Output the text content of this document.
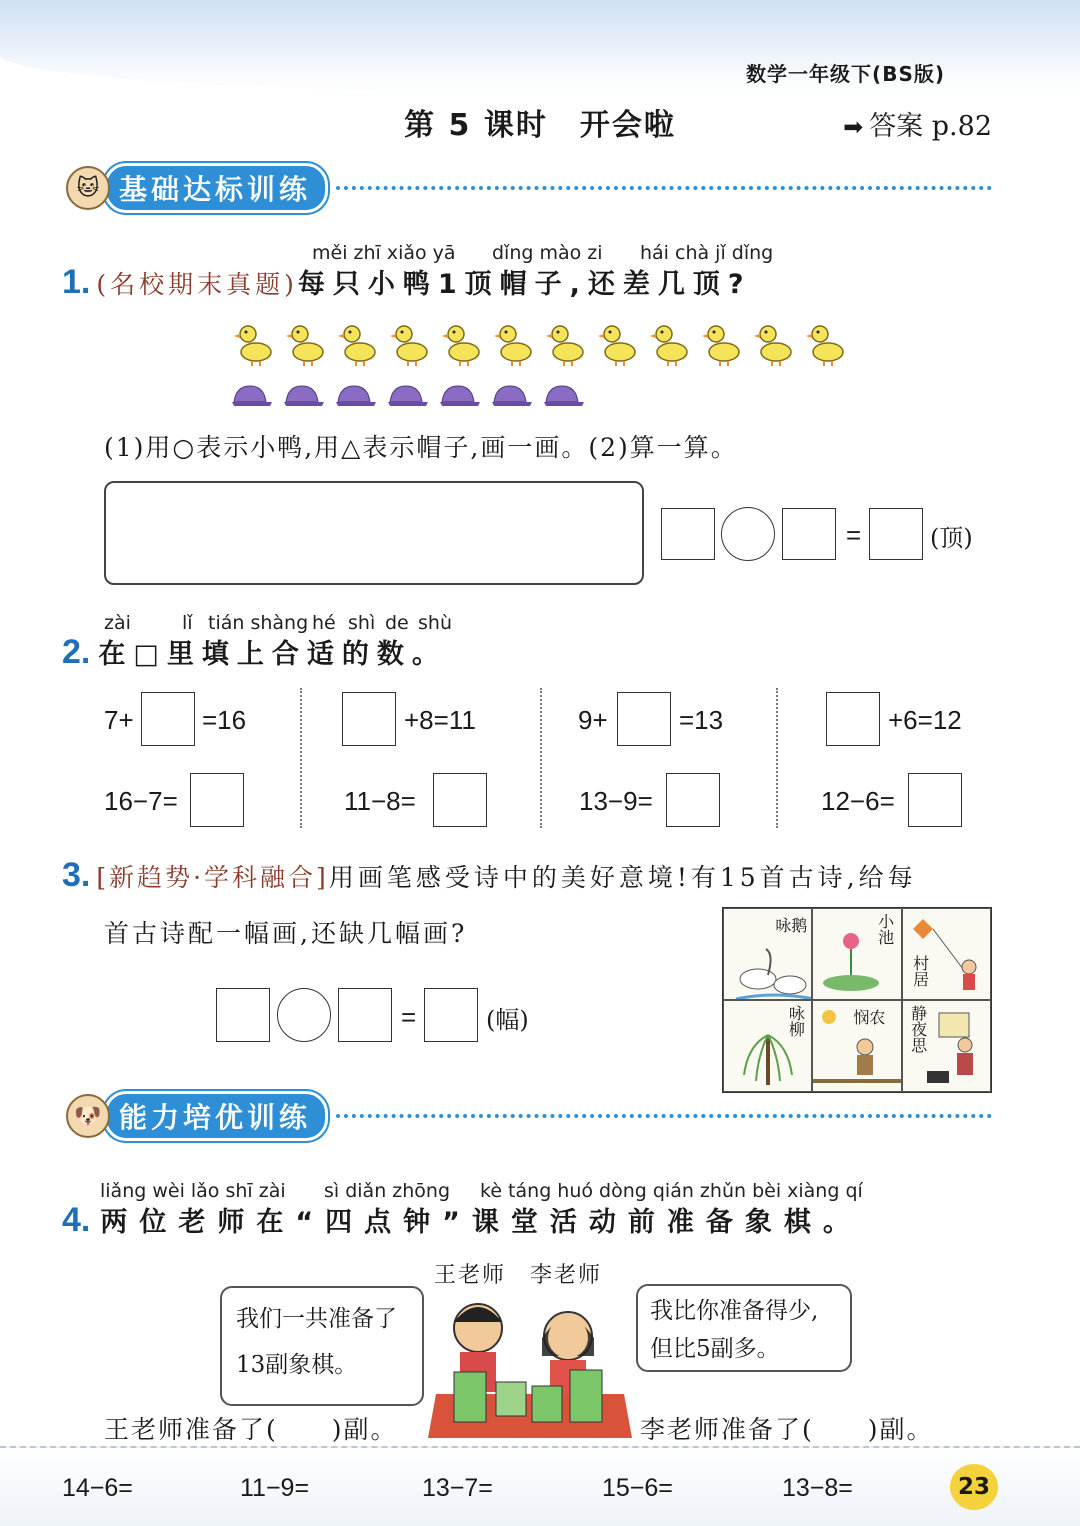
数学一年级下(BS版)
第 5 课时　开会啦	➡ 答案 p.82
🐱 基础达标训练
měi zhī xiǎo yā dǐng mào zi hái chà jǐ dǐng
1. (名校期末真题) 每只小鸭1顶帽子,还差几顶?
(1)用○表示小鸭,用△表示帽子,画一画。(2)算一算。
=	(顶)
zài	lǐ tián shàng hé shì de shù
2. 在□里填上合适的数。
7+	=16
16−7=
+8=11
11−8=
9+	=13
13−9=
+6=12
12−6=
3. [新趋势·学科融合] 用画笔感受诗中的美好意境!有15首古诗,给每
首古诗配一幅画,还缺几幅画?
=	(幅)
咏鹅	小池
村居
咏柳	悯农 静夜思
🐶 能力培优训练
liǎng wèi lǎo shī zài sì diǎn zhōng kè táng huó dòng qián zhǔn bèi xiàng qí
4. 两位老师在“四点钟”课堂活动前准备象棋。
王老师　李老师
我们一共准备了
13副象棋。
我比你准备得少,
但比5副多。
王老师准备了(　　)副。	李老师准备了(　　)副。
14−6=	11−9=	13−7=	15−6=	13−8=	23
